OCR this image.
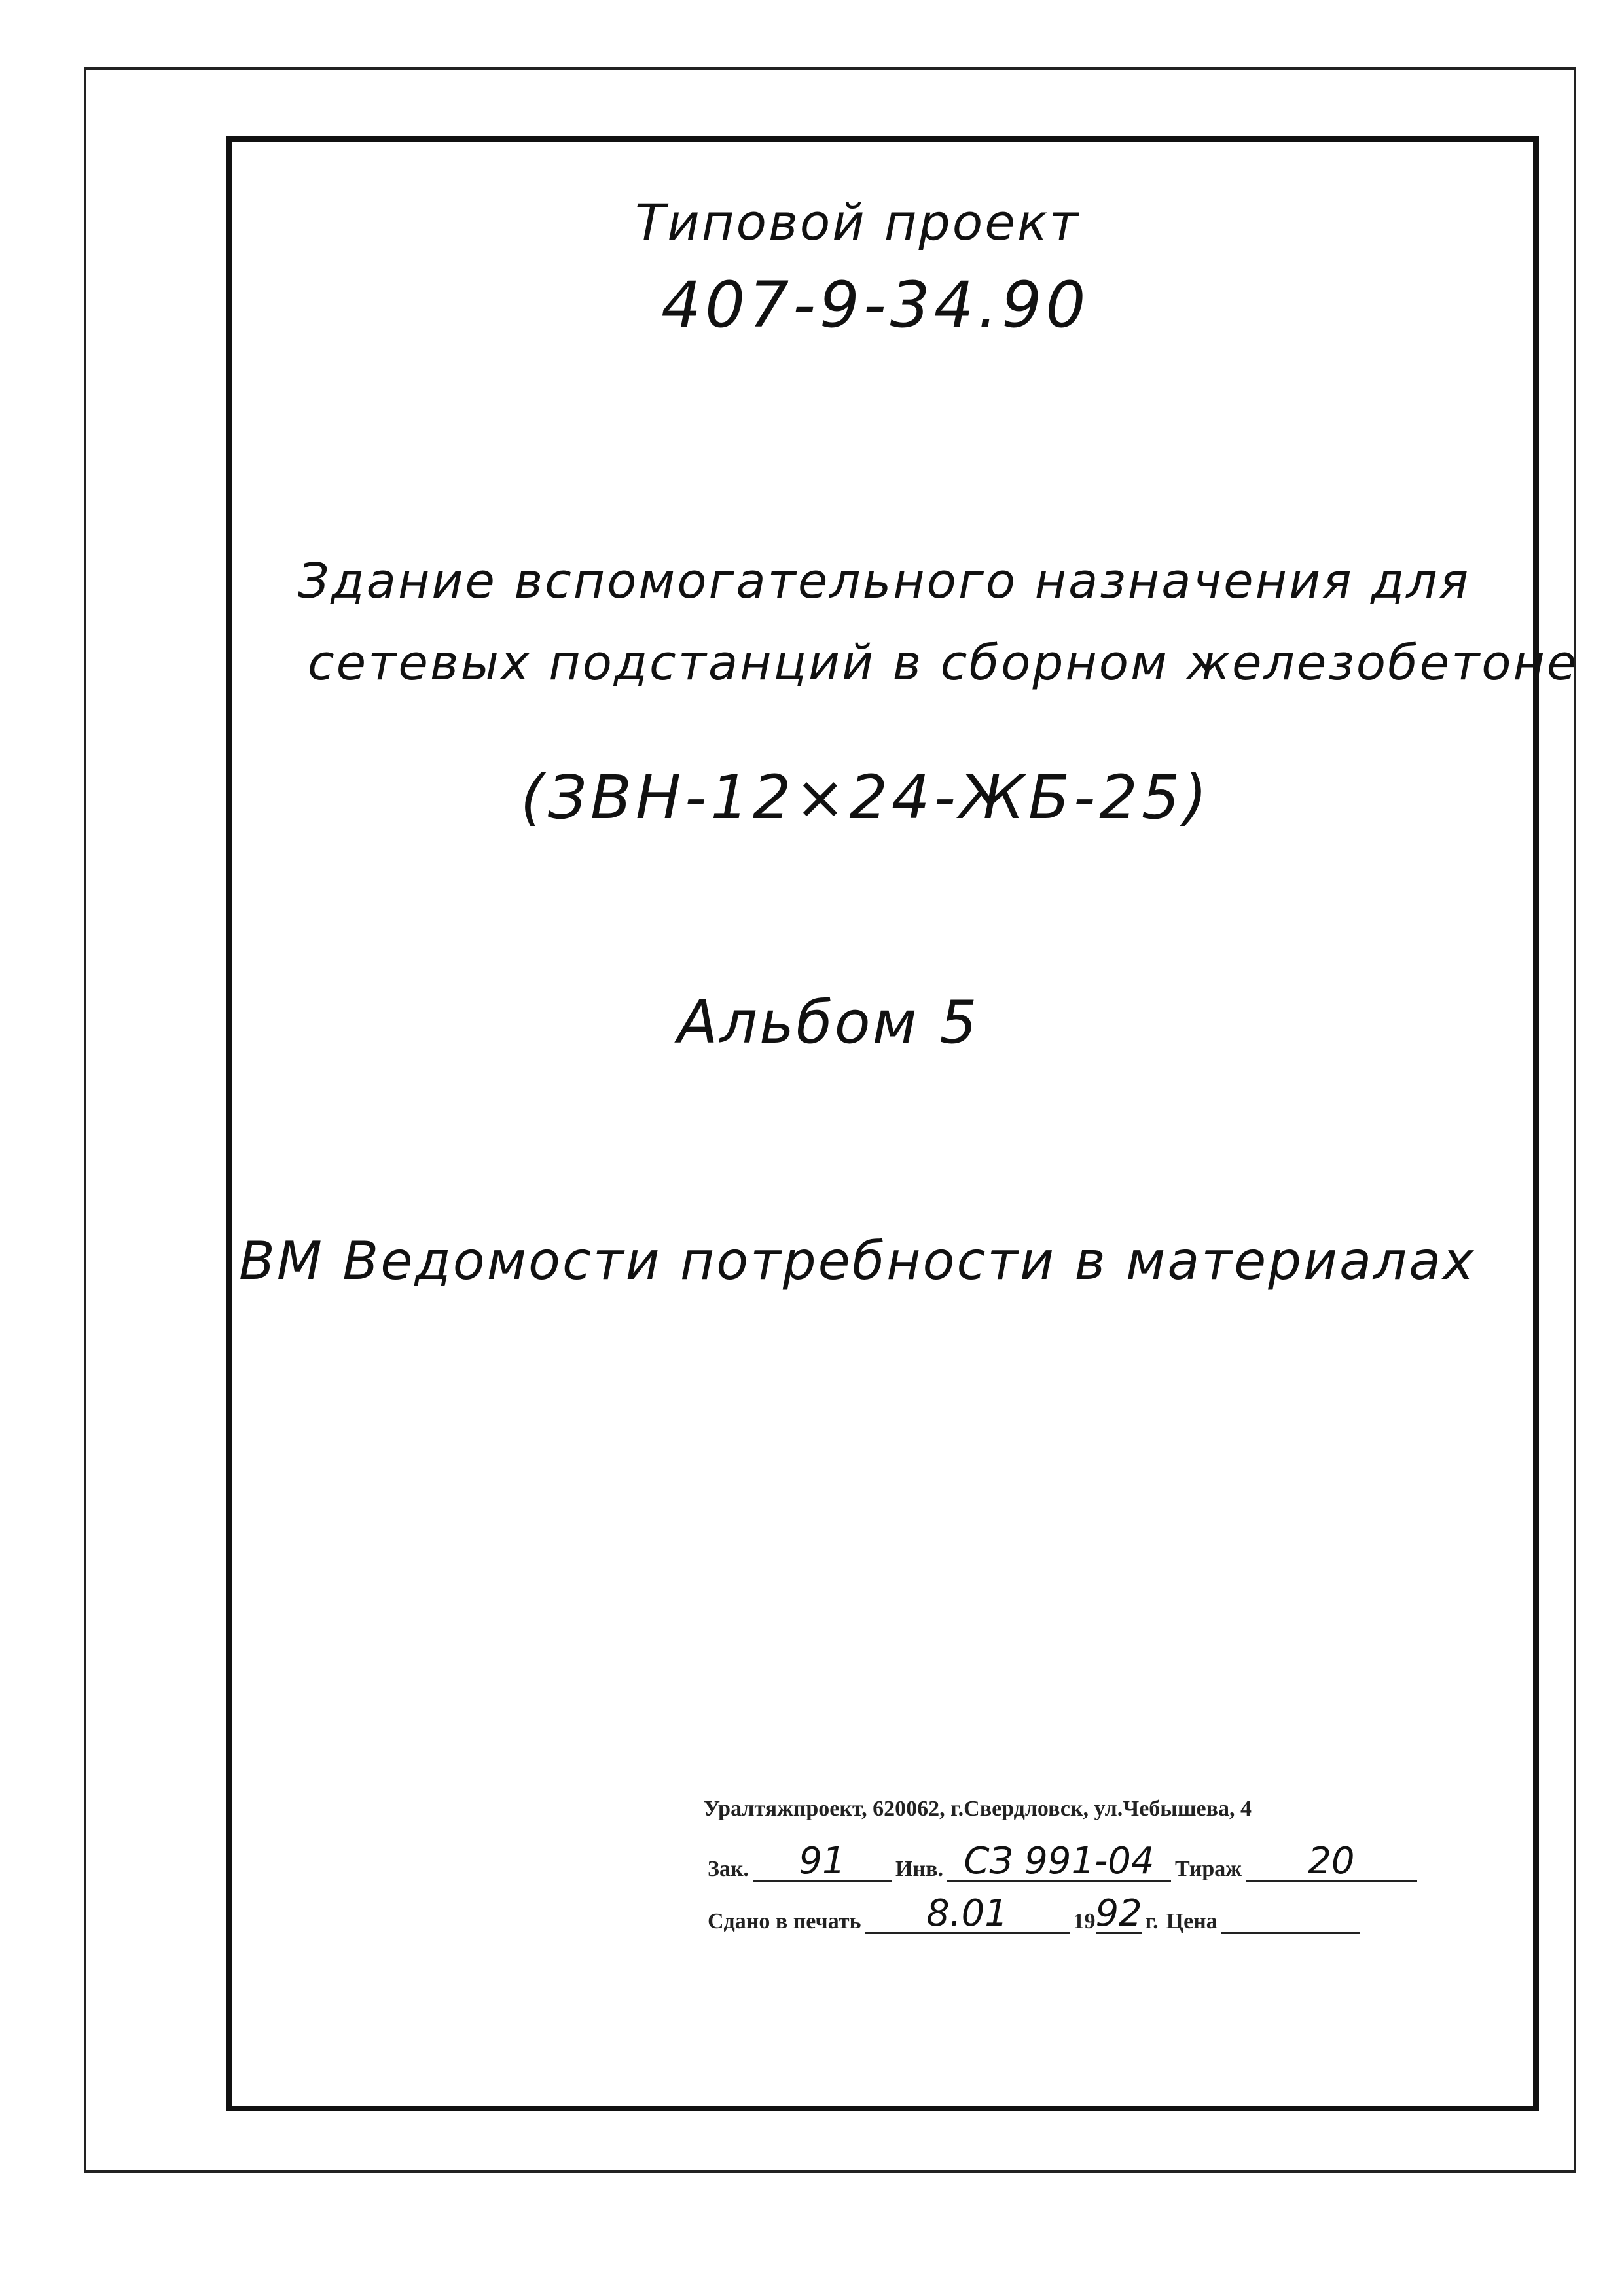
Типовой проект
407-9-34.90
Здание вспомогательного назначения для
сетевых подстанций в сборном железобетоне
(ЗВН-12×24-ЖБ-25)
Альбом 5
ВМ Ведомости потребности в материалах
Уралтяжпроект, 620062, г.Свердловск, ул.Чебышева, 4
Зак.	91	Инв. СЗ 991-04 Тираж	20
Сдано в печать	8.01	19 92 г. Цена
